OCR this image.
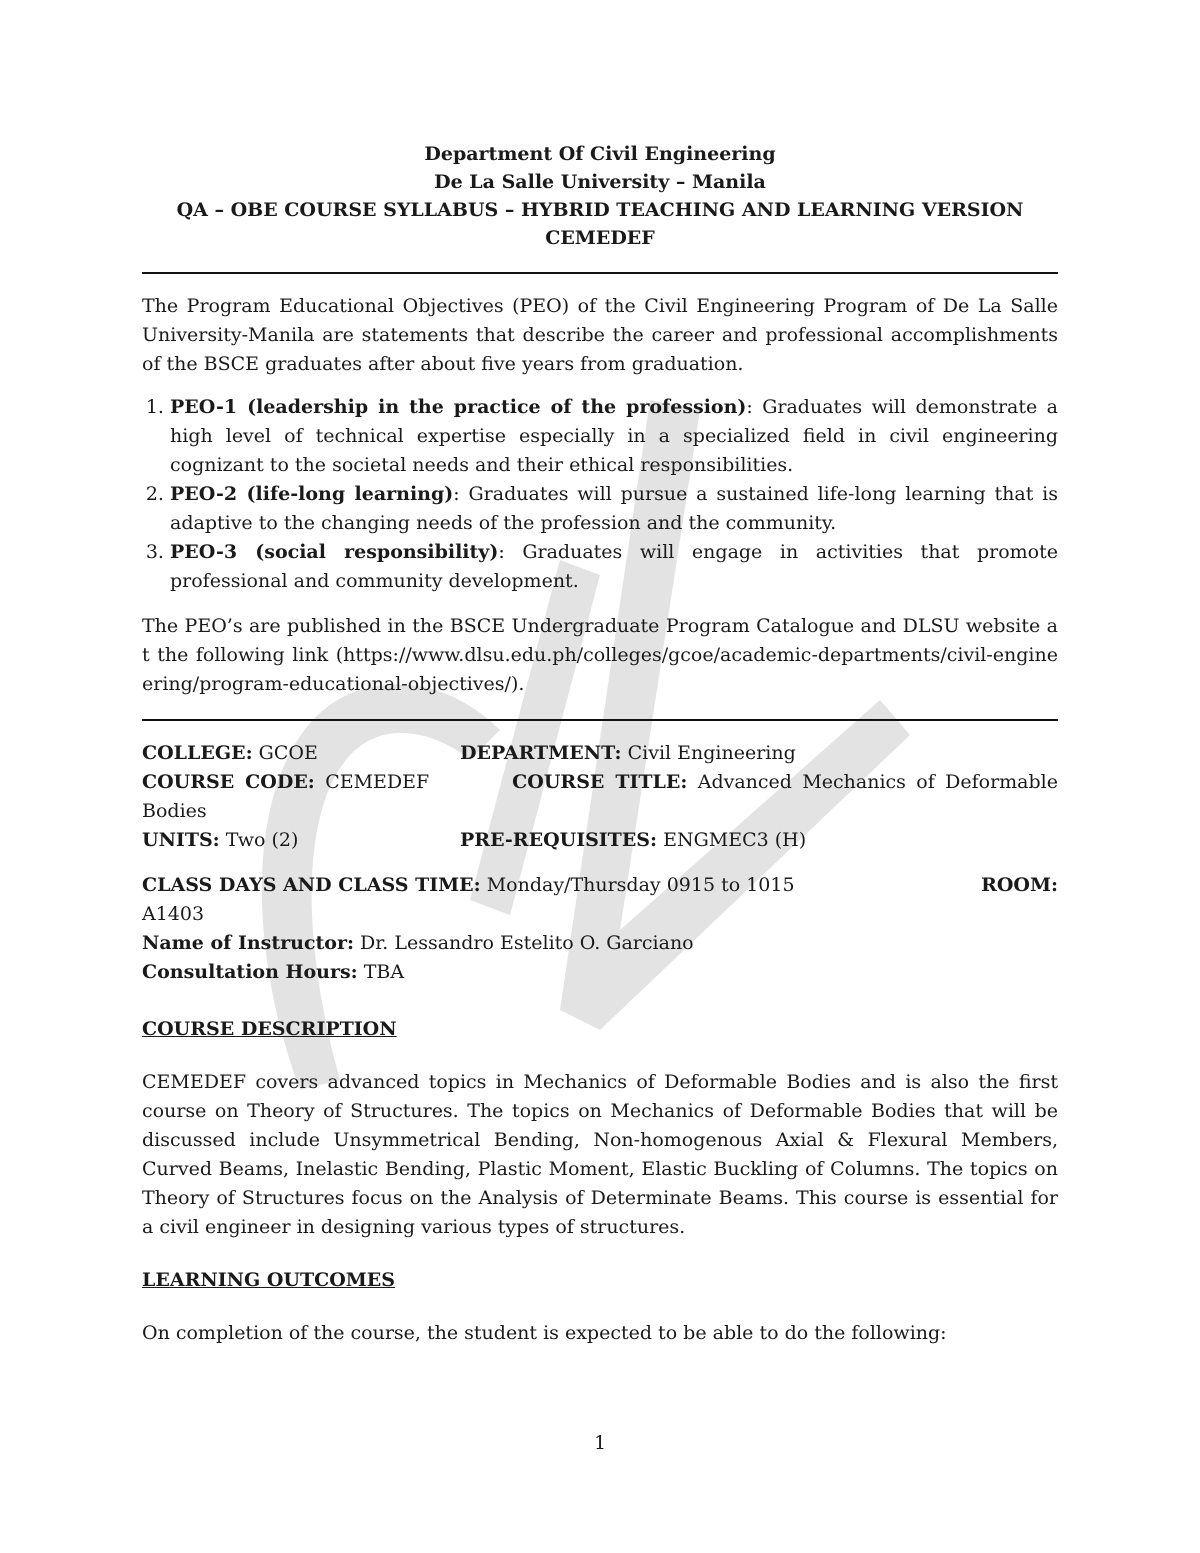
Department Of Civil Engineering
De La Salle University – Manila
QA – OBE COURSE SYLLABUS – HYBRID TEACHING AND LEARNING VERSION
CEMEDEF

The Program Educational Objectives (PEO) of the Civil Engineering Program of De La Salle University-Manila are statements that describe the career and professional accomplishments of the BSCE graduates after about five years from graduation.

1. PEO-1 (leadership in the practice of the profession): Graduates will demonstrate a high level of technical expertise especially in a specialized field in civil engineering cognizant to the societal needs and their ethical responsibilities.
2. PEO-2 (life-long learning): Graduates will pursue a sustained life-long learning that is adaptive to the changing needs of the profession and the community.
3. PEO-3 (social responsibility): Graduates will engage in activities that promote professional and community development.

The PEO’s are published in the BSCE Undergraduate Program Catalogue and DLSU website at the following link (https://www.dlsu.edu.ph/colleges/gcoe/academic-departments/civil-engineering/program-educational-objectives/).

COLLEGE: GCOE	DEPARTMENT: Civil Engineering

COURSE CODE: CEMEDEF	COURSE TITLE: Advanced Mechanics of Deformable Bodies

UNITS: Two (2)	PRE-REQUISITES: ENGMEC3 (H)
CLASS DAYS AND CLASS TIME: Monday/Thursday 0915 to 1015	ROOM:
A1403
Name of Instructor: Dr. Lessandro Estelito O. Garciano
Consultation Hours: TBA
COURSE DESCRIPTION

CEMEDEF covers advanced topics in Mechanics of Deformable Bodies and is also the first course on Theory of Structures. The topics on Mechanics of Deformable Bodies that will be discussed include Unsymmetrical Bending, Non-homogenous Axial & Flexural Members, Curved Beams, Inelastic Bending, Plastic Moment, Elastic Buckling of Columns. The topics on Theory of Structures focus on the Analysis of Determinate Beams. This course is essential for a civil engineer in designing various types of structures.

LEARNING OUTCOMES

On completion of the course, the student is expected to be able to do the following:

1
